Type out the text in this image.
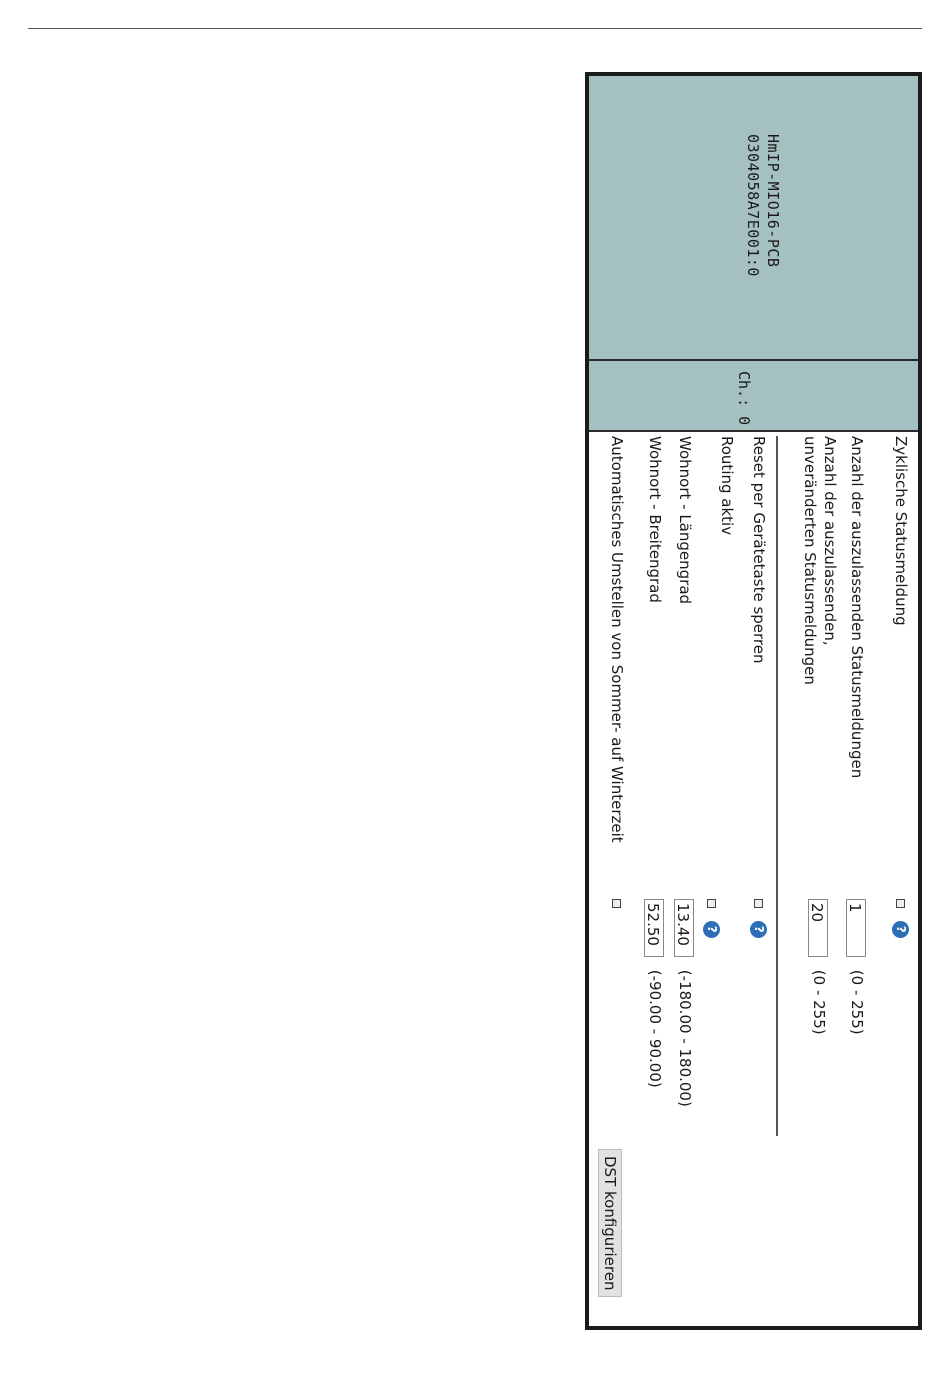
HmIP-MIO16-PCB
0304058A7E001:0
Ch.: 0
Zyklische Statusmeldung
?
Anzahl der auszulassenden Statusmeldungen
1 (0 - 255)
Anzahl der auszulassenden,
unveränderten Statusmeldungen
20 (0 - 255)
Reset per Gerätetaste sperren
?
Routing aktiv
?
Wohnort - Längengrad
13.40 (-180.00 - 180.00)
Wohnort - Breitengrad
52.50 (-90.00 - 90.00)
Automatisches Umstellen von Sommer- auf Winterzeit
DST konfigurieren
